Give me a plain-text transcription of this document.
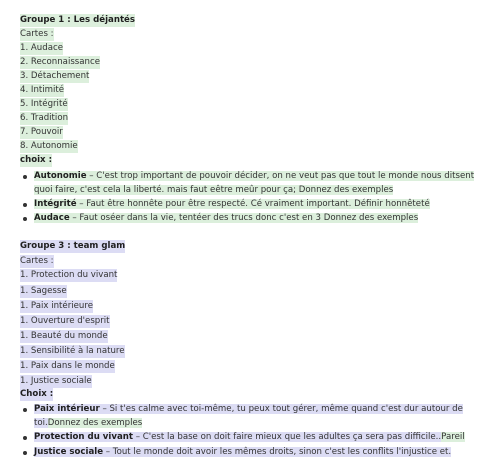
Groupe 1 : Les déjantés
Cartes :
1. Audace
2. Reconnaissance
3. Détachement
4. Intimité
5. Intégrité
6. Tradition
7. Pouvoir
8. Autonomie
choix :
Autonomie – C'est trop important de pouvoir décider, on ne veut pas que tout le monde nous ditsent quoi faire, c'est cela la liberté. mais faut eêtre meûr pour ça; Donnez des exemples
Intégrité – Faut être honnête pour être respecté. Cé vraiment important. Définir honnêteté
Audace – Faut oséer dans la vie, tentéer des trucs donc c'est en 3 Donnez des exemples
Groupe 3 : team glam
Cartes :
1. Protection du vivant
1. Sagesse
1. Paix intérieure
1. Ouverture d'esprit
1. Beauté du monde
1. Sensibilité à la nature
1. Paix dans le monde
1. Justice sociale
Choix :
Paix intérieur – Si t'es calme avec toi-même, tu peux tout gérer, même quand c'est dur autour de toi.Donnez des exemples
Protection du vivant – C'est la base on doit faire mieux que les adultes ça sera pas difficile..Pareil
Justice sociale – Tout le monde doit avoir les mêmes droits, sinon c'est les conflits l'injustice et.
